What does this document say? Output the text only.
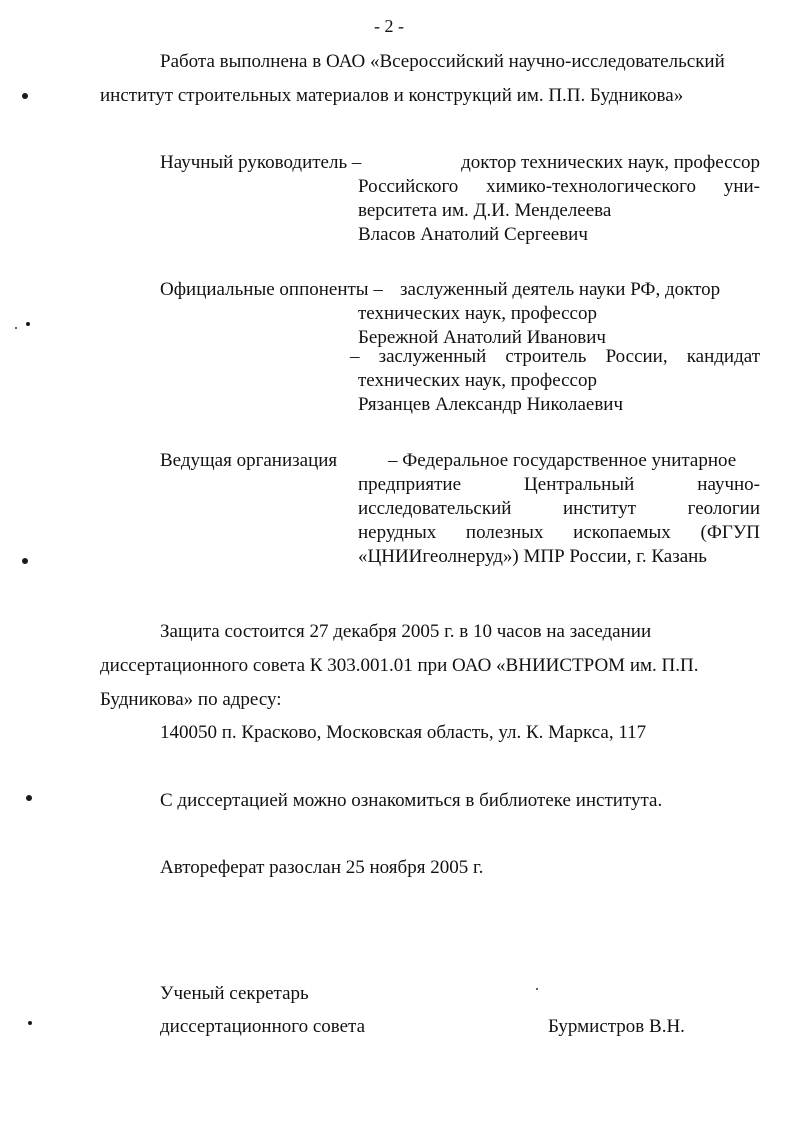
- 2 -
Работа выполнена в ОАО «Всероссийский научно-исследовательский
институт строительных материалов и конструкций им. П.П. Будникова»
Научный руководитель –	доктор технических наук, профессор
Российского химико-технологического уни-
верситета им. Д.И. Менделеева
Власов Анатолий Сергеевич
Официальные оппоненты – заслуженный деятель науки РФ, доктор
технических наук, профессор
Бережной Анатолий Иванович
– заслуженный строитель России, кандидат
технических наук, профессор
Рязанцев Александр Николаевич
Ведущая организация	– Федеральное государственное унитарное
предприятие Центральный научно-
исследовательский институт геологии
нерудных полезных ископаемых (ФГУП
«ЦНИИгеолнеруд») МПР России, г. Казань
Защита состоится 27 декабря 2005 г. в 10 часов на заседании
диссертационного совета К 303.001.01 при ОАО «ВНИИСТРОМ им. П.П.
Будникова» по адресу:
140050 п. Красково, Московская область, ул. К. Маркса, 117
С диссертацией можно ознакомиться в библиотеке института.
Автореферат разослан 25 ноября 2005 г.
Ученый секретарь
диссертационного совета	Бурмистров В.Н.
